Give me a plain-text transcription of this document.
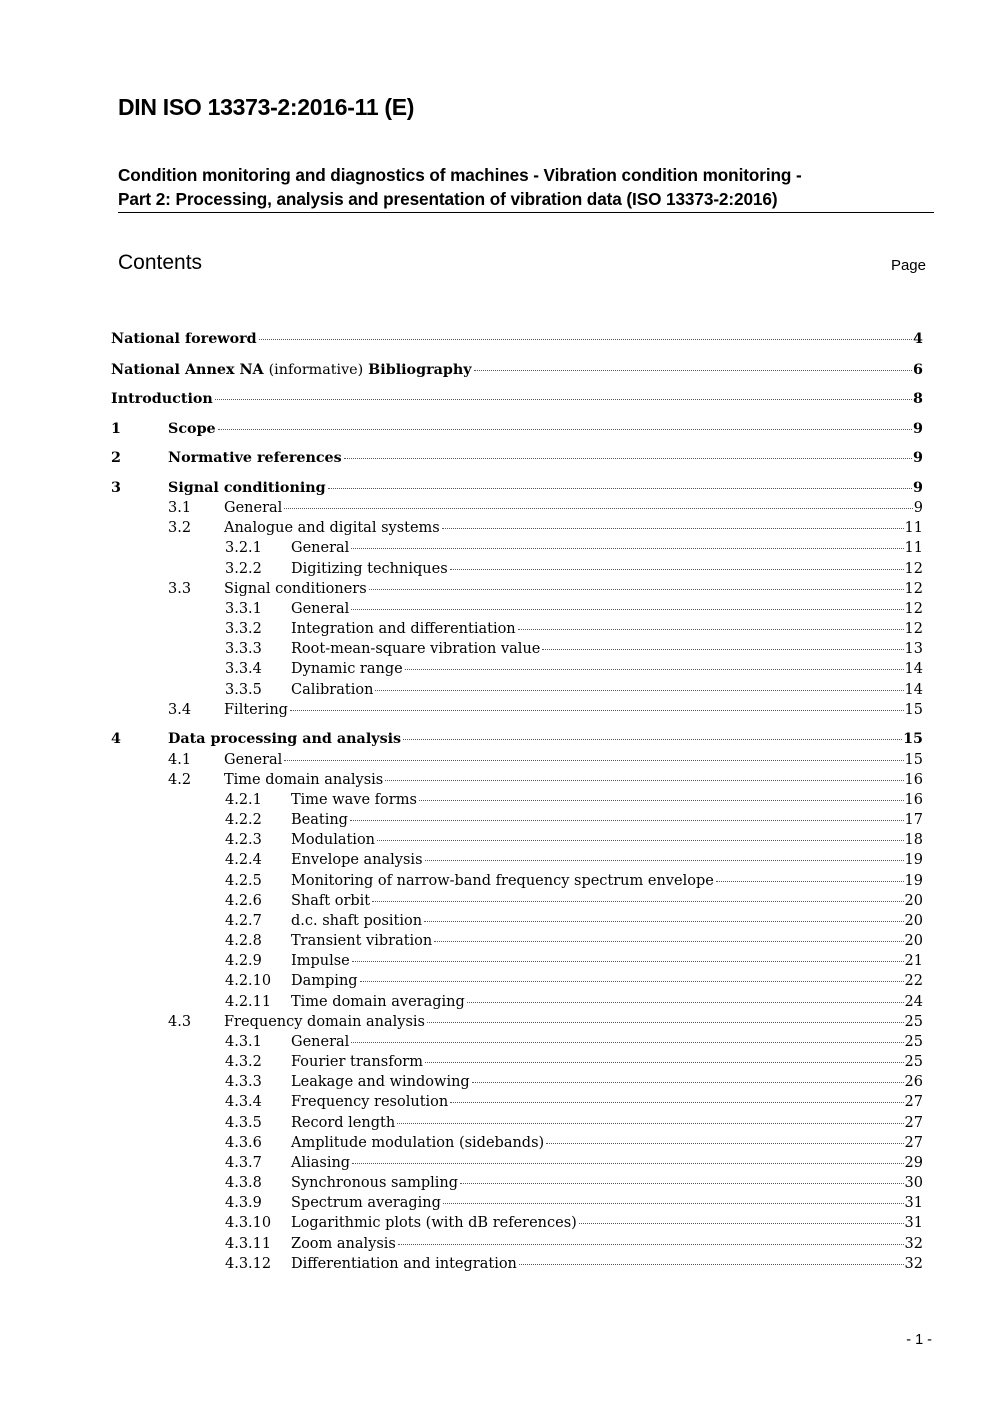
DIN ISO 13373-2:2016-11 (E)
Condition monitoring and diagnostics of machines - Vibration condition monitoring -
Part 2: Processing, analysis and presentation of vibration data (ISO 13373-2:2016)
Contents	Page
National foreword	4
National Annex NA (informative) Bibliography	6
Introduction	8
1	Scope	9
2	Normative references	9
3	Signal conditioning	9
3.1	General	9
3.2	Analogue and digital systems	11
3.2.1	General	11
3.2.2	Digitizing techniques	12
3.3	Signal conditioners	12
3.3.1	General	12
3.3.2	Integration and differentiation	12
3.3.3	Root-mean-square vibration value	13
3.3.4	Dynamic range	14
3.3.5	Calibration	14
3.4	Filtering	15
4	Data processing and analysis	15
4.1	General	15
4.2	Time domain analysis	16
4.2.1	Time wave forms	16
4.2.2	Beating	17
4.2.3	Modulation	18
4.2.4	Envelope analysis	19
4.2.5	Monitoring of narrow-band frequency spectrum envelope	19
4.2.6	Shaft orbit	20
4.2.7	d.c. shaft position	20
4.2.8	Transient vibration	20
4.2.9	Impulse	21
4.2.10	Damping	22
4.2.11	Time domain averaging	24
4.3	Frequency domain analysis	25
4.3.1	General	25
4.3.2	Fourier transform	25
4.3.3	Leakage and windowing	26
4.3.4	Frequency resolution	27
4.3.5	Record length	27
4.3.6	Amplitude modulation (sidebands)	27
4.3.7	Aliasing	29
4.3.8	Synchronous sampling	30
4.3.9	Spectrum averaging	31
4.3.10	Logarithmic plots (with dB references)	31
4.3.11	Zoom analysis	32
4.3.12	Differentiation and integration	32
- 1 -
